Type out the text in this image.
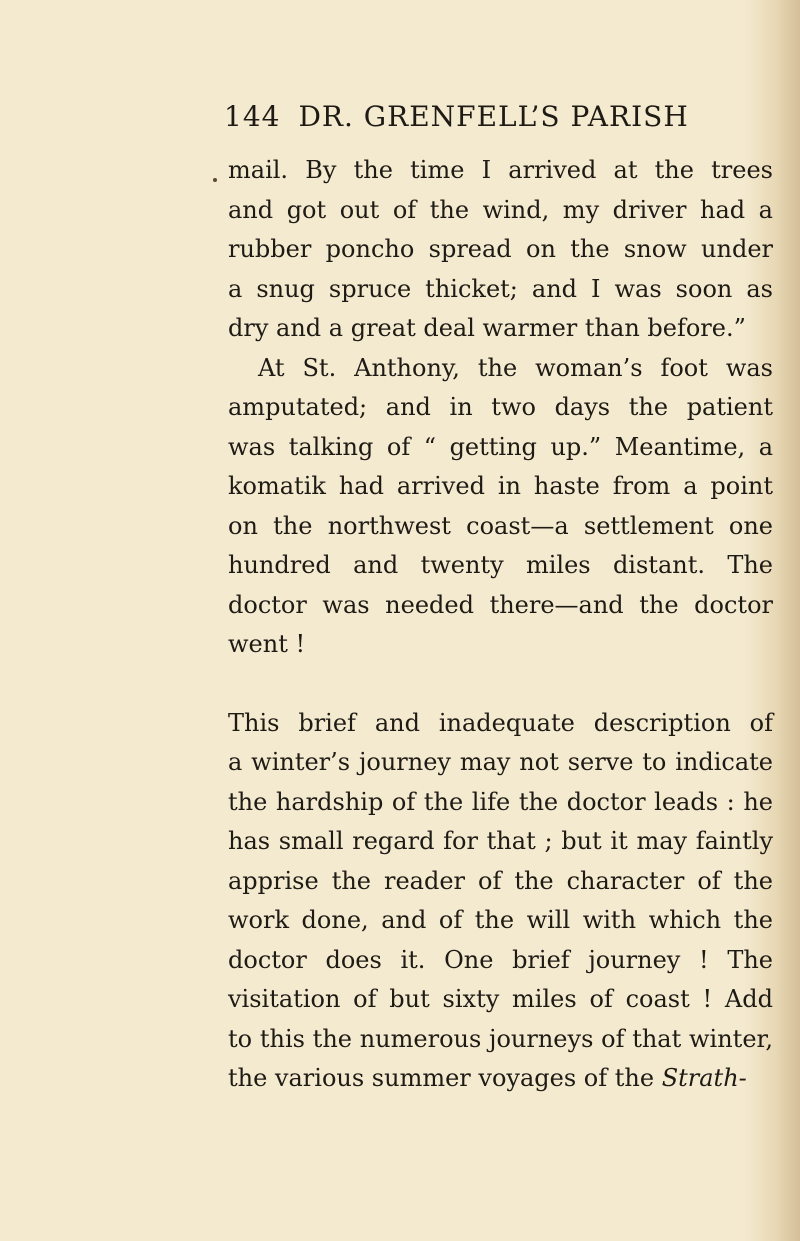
144 DR. GRENFELL’S PARISH
mail. By the time I arrived at the trees
and got out of the wind, my driver had a
rubber poncho spread on the snow under
a snug spruce thicket; and I was soon as
dry and a great deal warmer than before.”
At St. Anthony, the woman’s foot was
amputated; and in two days the patient
was talking of “ getting up.” Meantime, a
komatik had arrived in haste from a point
on the northwest coast—a settlement one
hundred and twenty miles distant. The
doctor was needed there—and the doctor
went !
This brief and inadequate description of
a winter’s journey may not serve to indicate
the hardship of the life the doctor leads : he
has small regard for that ; but it may faintly
apprise the reader of the character of the
work done, and of the will with which the
doctor does it. One brief journey ! The
visitation of but sixty miles of coast ! Add
to this the numerous journeys of that winter,
the various summer voyages of the Strath-
